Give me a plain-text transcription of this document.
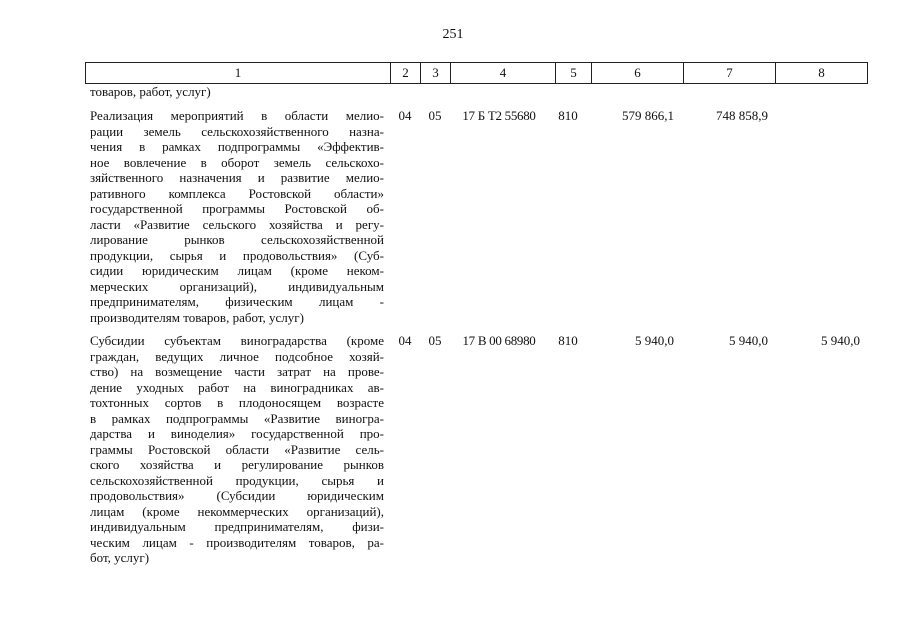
251
1	2	3	4	5	6	7	8
товаров, работ, услуг)
Реализация мероприятий в области мелио-
рации земель сельскохозяйственного назна-
чения в рамках подпрограммы «Эффектив-
ное вовлечение в оборот земель сельскохо-
зяйственного назначения и развитие мелио-
ративного комплекса Ростовской области»
государственной программы Ростовской об-
ласти «Развитие сельского хозяйства и регу-
лирование рынков сельскохозяйственной
продукции, сырья и продовольствия» (Суб-
сидии юридическим лицам (кроме неком-
мерческих организаций), индивидуальным
предпринимателям, физическим лицам -
производителям товаров, работ, услуг)
04 05	17 Б Т2 55680	810	579 866,1	748 858,9
Субсидии субъектам виноградарства (кроме
граждан, ведущих личное подсобное хозяй-
ство) на возмещение части затрат на прове-
дение уходных работ на виноградниках ав-
тохтонных сортов в плодоносящем возрасте
в рамках подпрограммы «Развитие виногра-
дарства и виноделия» государственной про-
граммы Ростовской области «Развитие сель-
ского хозяйства и регулирование рынков
сельскохозяйственной продукции, сырья и
продовольствия» (Субсидии юридическим
лицам (кроме некоммерческих организаций),
индивидуальным предпринимателям, физи-
ческим лицам - производителям товаров, ра-
бот, услуг)
04 05	17 В 00 68980	810	5 940,0	5 940,0	5 940,0
